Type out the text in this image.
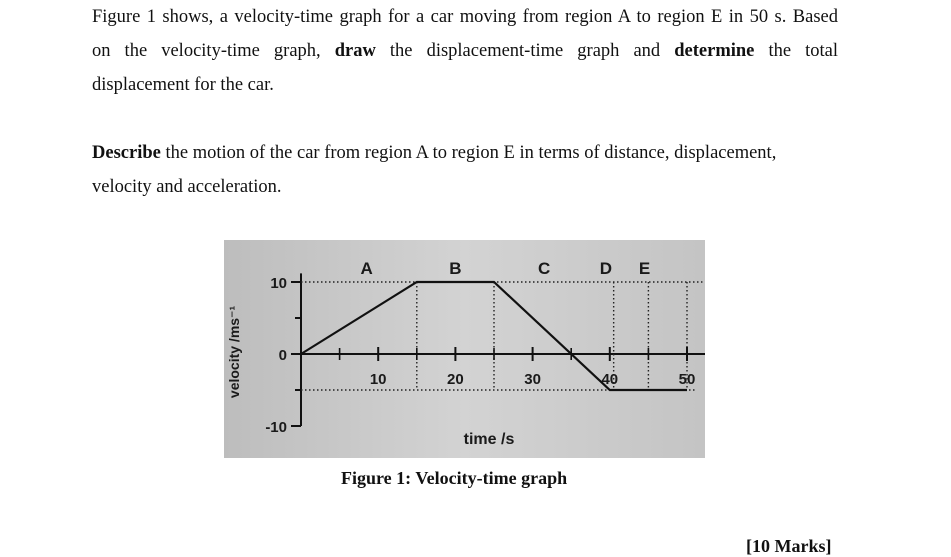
Figure 1 shows, a velocity-time graph for a car moving from region A to region E in 50 s. Based
on the velocity-time graph, draw the displacement-time graph and determine the total
displacement for the car.
Describe the motion of the car from region A to region E in terms of distance, displacement,
velocity and acceleration.
10
0
-10
10	20	30	40	50
A	B	C	D E
velocity /ms⁻¹
time /s
Figure 1: Velocity-time graph
[10 Marks]
